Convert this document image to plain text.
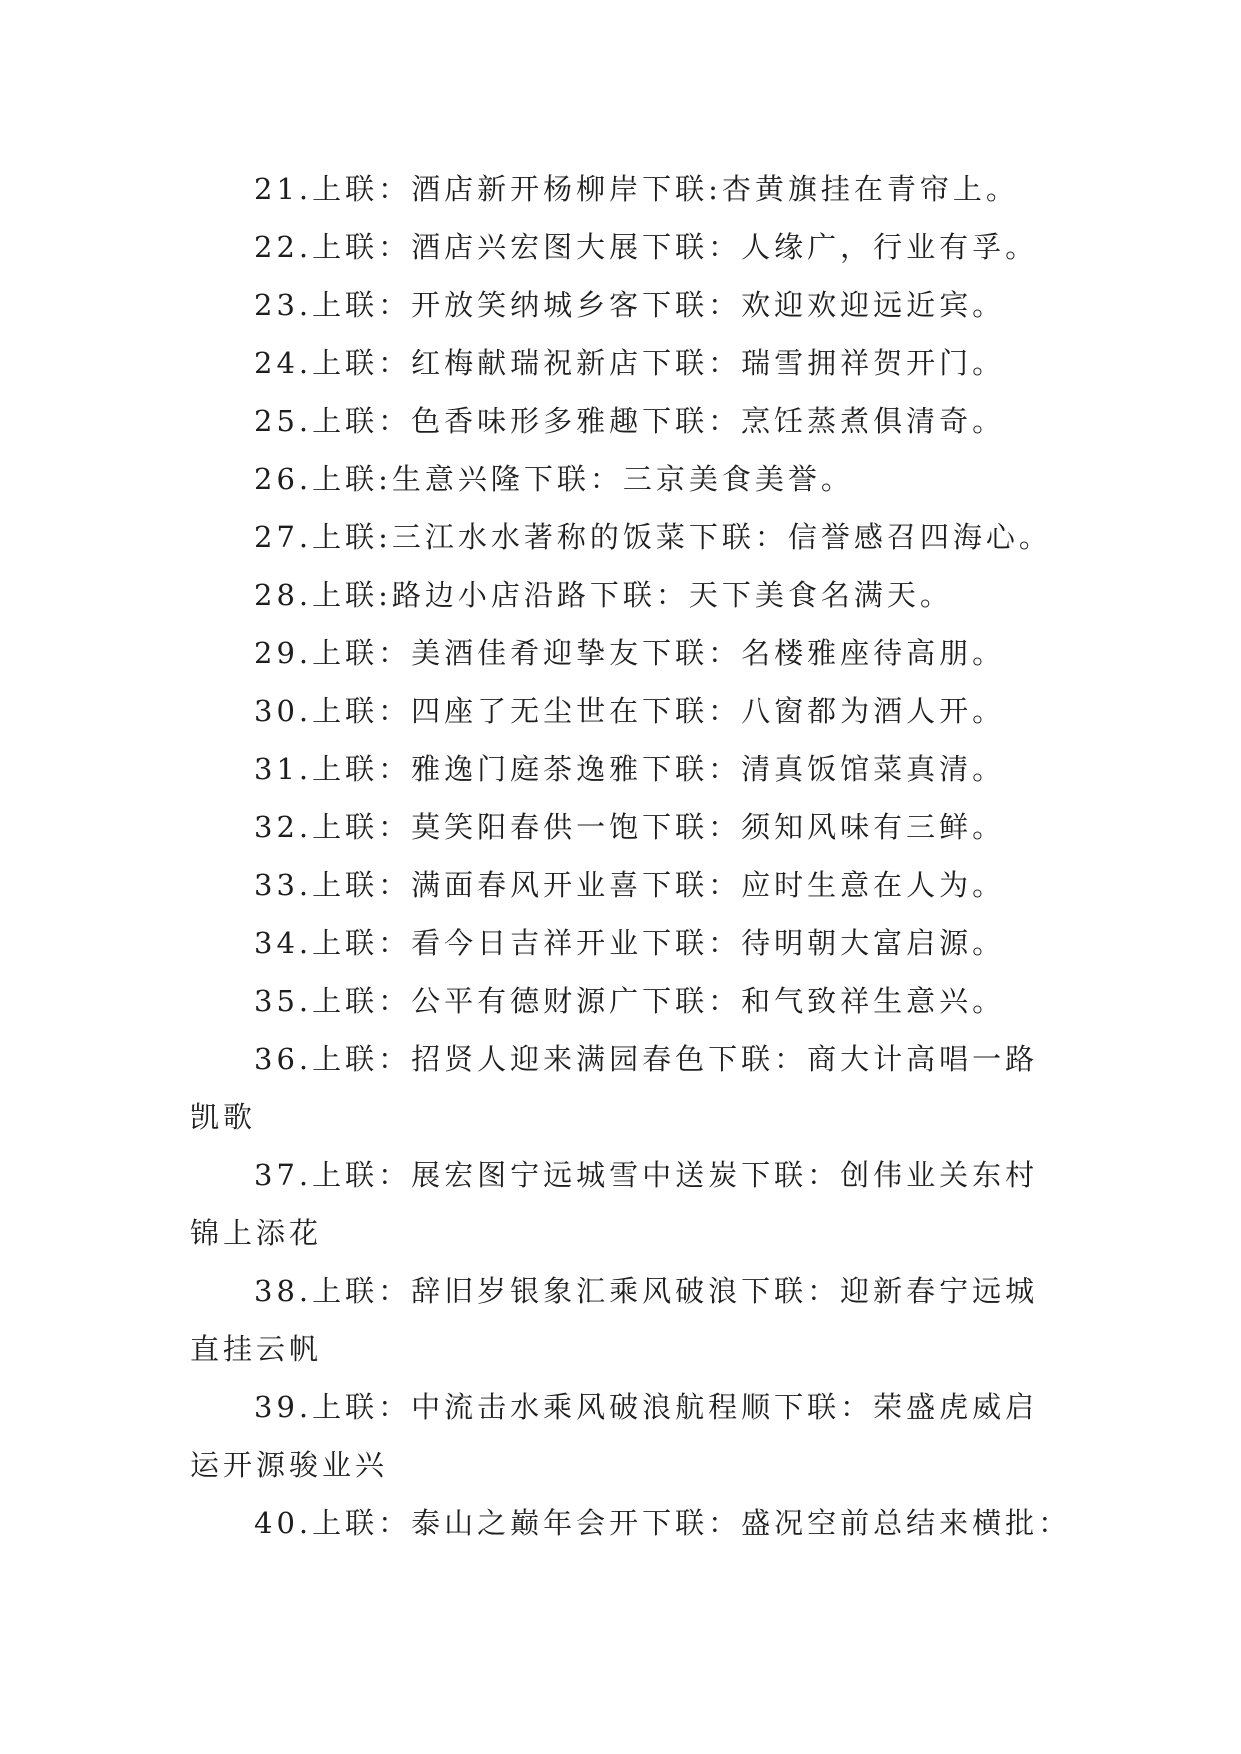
21.上联：酒店新开杨柳岸下联:杏黄旗挂在青帘上。
22.上联：酒店兴宏图大展下联：人缘广，行业有孚。
23.上联：开放笑纳城乡客下联：欢迎欢迎远近宾。
24.上联：红梅献瑞祝新店下联：瑞雪拥祥贺开门。
25.上联：色香味形多雅趣下联：烹饪蒸煮俱清奇。
26.上联:生意兴隆下联：三京美食美誉。
27.上联:三江水水著称的饭菜下联：信誉感召四海心。
28.上联:路边小店沿路下联：天下美食名满天。
29.上联：美酒佳肴迎挚友下联：名楼雅座待高朋。
30.上联：四座了无尘世在下联：八窗都为酒人开。
31.上联：雅逸门庭茶逸雅下联：清真饭馆菜真清。
32.上联：莫笑阳春供一饱下联：须知风味有三鲜。
33.上联：满面春风开业喜下联：应时生意在人为。
34.上联：看今日吉祥开业下联：待明朝大富启源。
35.上联：公平有德财源广下联：和气致祥生意兴。
36.上联：招贤人迎来满园春色下联：商大计高唱一路
凯歌
37.上联：展宏图宁远城雪中送炭下联：创伟业关东村
锦上添花
38.上联：辞旧岁银象汇乘风破浪下联：迎新春宁远城
直挂云帆
39.上联：中流击水乘风破浪航程顺下联：荣盛虎威启
运开源骏业兴
40.上联：泰山之巅年会开下联：盛况空前总结来横批：
